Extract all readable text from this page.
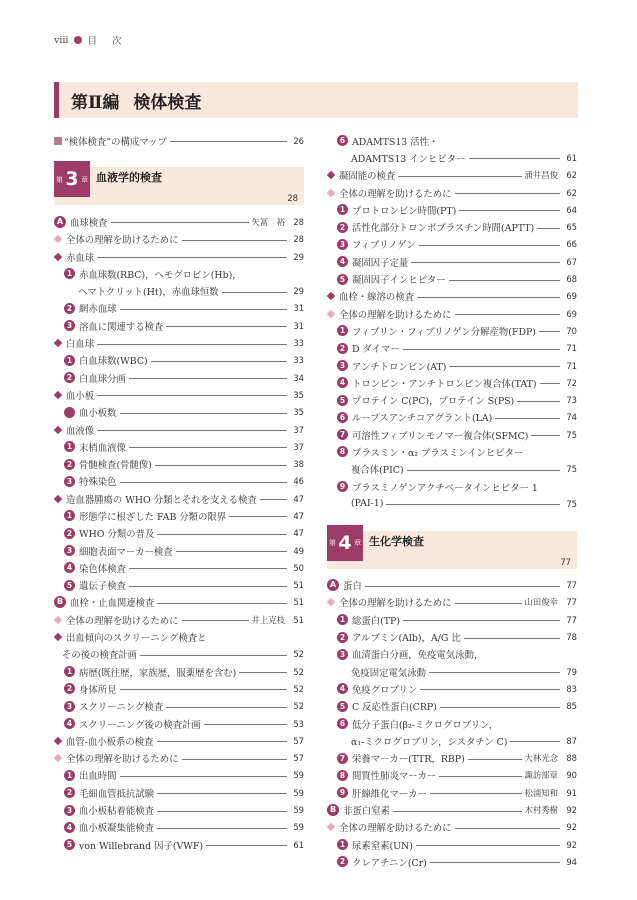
viii 目 次
第Ⅱ編 検体検査
“検体検査”の構成マップ	26
第 3 章 血液学的検査
28
A 血球検査	矢冨　裕 28
全体の理解を助けるために	28
赤血球	29
1 赤血球数(RBC)，ヘモグロビン(Hb)，
ヘマトクリット(Ht)，赤血球恒数	29
2 網赤血球	31
3 溶血に関連する検査	31
白血球	33
1 白血球数(WBC)	33
2 白血球分画	34
血小板	35
血小板数	35
血液像	37
1 末梢血液像	37
2 骨髄検査(骨髄像)	38
3 特殊染色	46
造血器腫瘍の WHO 分類とそれを支える検査	47
1 形態学に根ざした FAB 分類の限界	47
2 WHO 分類の普及	47
3 細胞表面マーカー検査	49
4 染色体検査	50
5 遺伝子検査	51
B 血栓・止血関連検査	51
全体の理解を助けるために	井上克枝 51
出血傾向のスクリーニング検査と
その後の検査計画	52
1 病歴(既往歴，家族歴，服薬歴を含む)	52
2 身体所見	52
3 スクリーニング検査	52
4 スクリーニング後の検査計画	53
血管-血小板系の検査	57
全体の理解を助けるために	57
1 出血時間	59
2 毛細血管抵抗試験	59
3 血小板粘着能検査	59
4 血小板凝集能検査	59
5 von Willebrand 因子(VWF)	61
6 ADAMTS13 活性・
ADAMTS13 インヒビター	61
凝固能の検査	涌井昌俊 62
全体の理解を助けるために	62
1 プロトロンビン時間(PT)	64
2 活性化部分トロンボプラスチン時間(APTT)	65
3 フィブリノゲン	66
4 凝固因子定量	67
5 凝固因子インヒビター	68
血栓・線溶の検査	69
全体の理解を助けるために	69
1 フィブリン・フィブリノゲン分解産物(FDP)	70
2 D ダイマー	71
3 アンチトロンビン(AT)	71
4 トロンビン・アンチトロンビン複合体(TAT)	72
5 プロテイン C(PC)，プロテイン S(PS)	73
6 ループスアンチコアグラント(LA)	74
7 可溶性フィブリンモノマー複合体(SFMC)	75
8 プラスミン・α₂ プラスミンインヒビター
複合体(PIC)	75
9 プラスミノゲンアクチベータインヒビター 1
(PAI-1)	75
第 4 章 生化学検査
77
A 蛋白	77
全体の理解を助けるために	山田俊幸 77
1 総蛋白(TP)	77
2 アルブミン(Alb)，A/G 比	78
3 血清蛋白分画，免疫電気泳動，
免疫固定電気泳動	79
4 免疫グロブリン	83
5 C 反応性蛋白(CRP)	85
6 低分子蛋白(β₂-ミクログロブリン，
α₁-ミクログロブリン，シスタチン C)	87
7 栄養マーカー(TTR，RBP)	大林光念 88
8 間質性肺炎マーカー	諏訪部章 90
9 肝線維化マーカー	松浦知和 91
B 非蛋白窒素	木村秀樹 92
全体の理解を助けるために	92
1 尿素窒素(UN)	92
2 クレアチニン(Cr)	94
